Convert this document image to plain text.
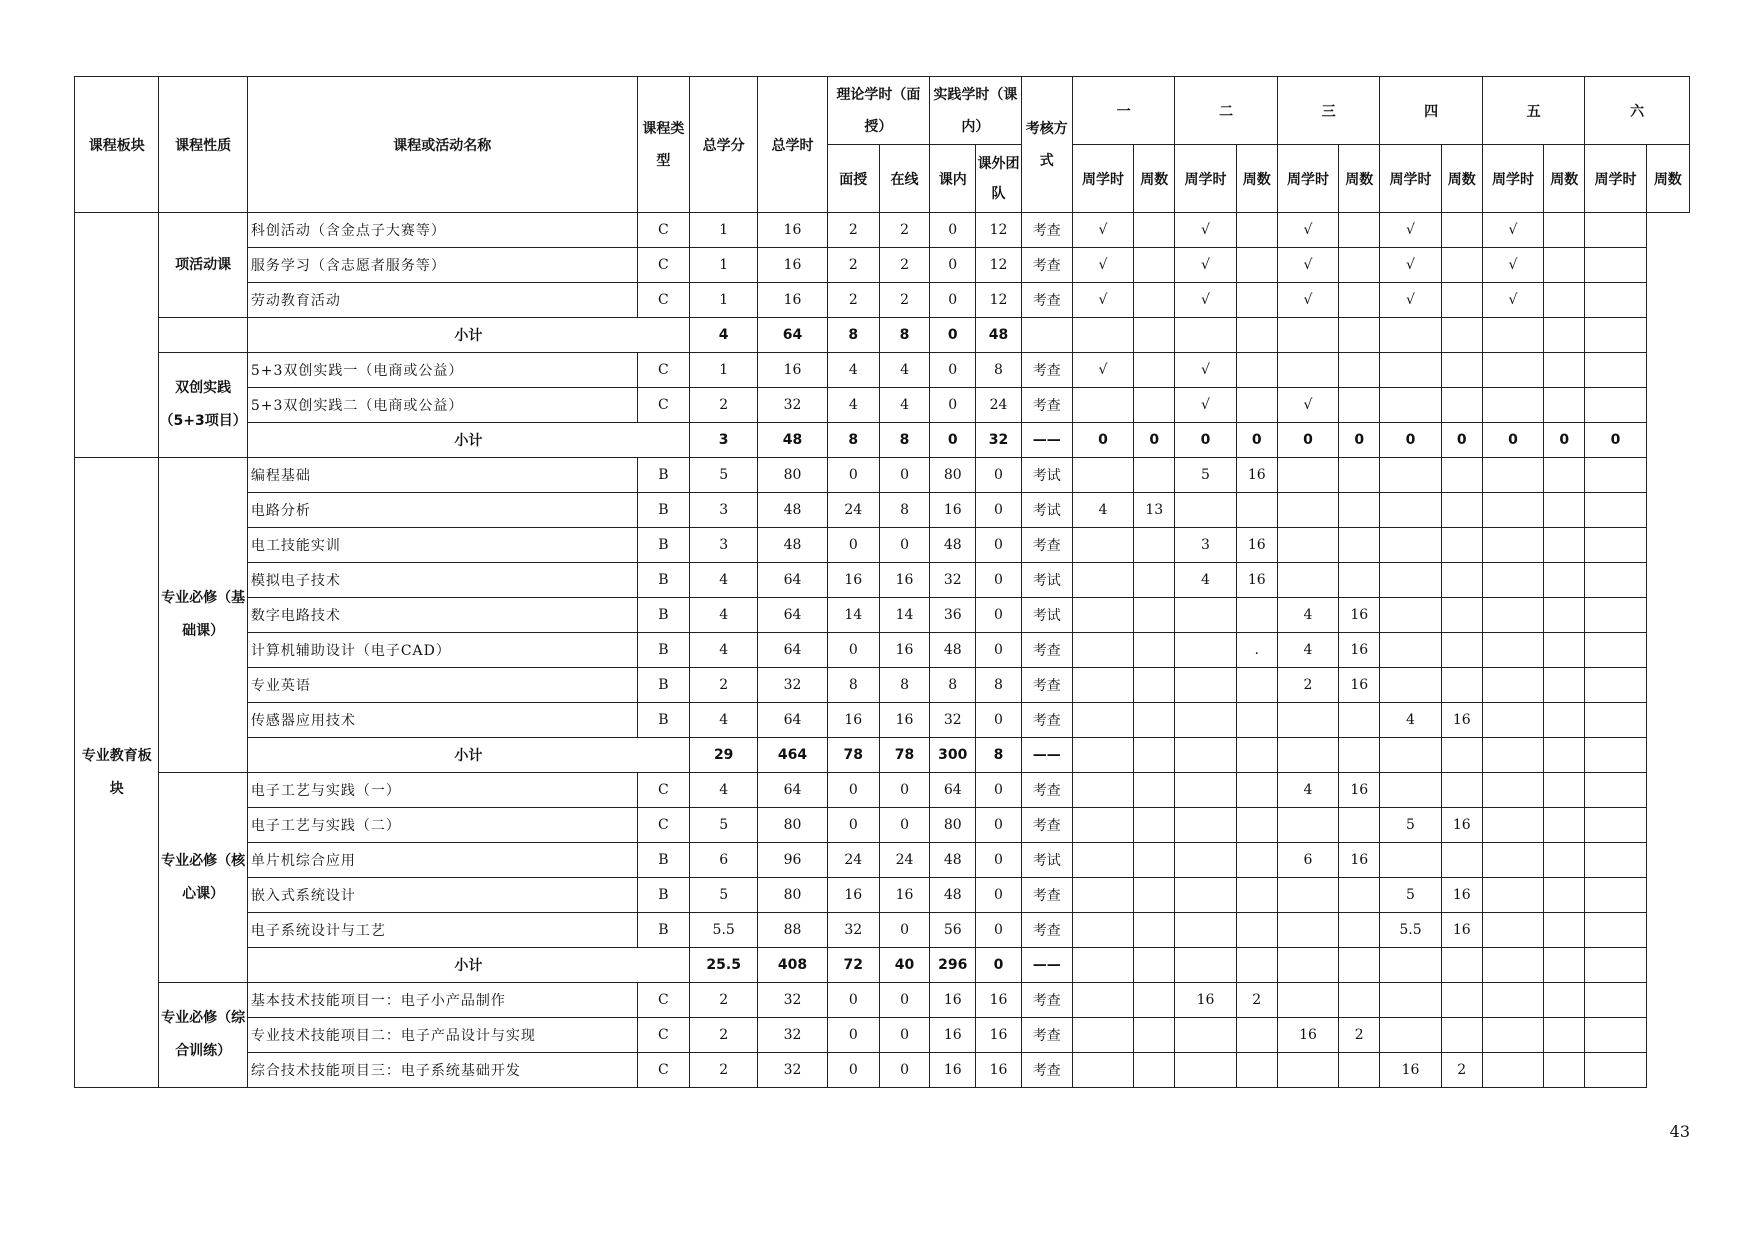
课程板块	课程性质	课程或活动名称	课程类型	总学分	总学时	理论学时（面授）		实践学时（课内）		考核方式	一		二		三		四		五		六	
						面授	在线	课内	课外团队		周学时	周数	周学时	周数	周学时	周数	周学时	周数	周学时	周数	周学时	周数
	项活动课	科创活动（含金点子大赛等）	C	1	16	2	2	0	12	考查	√		√		√		√		√			
		服务学习（含志愿者服务等）	C	1	16	2	2	0	12	考查	√		√		√		√		√			
		劳动教育活动	C	1	16	2	2	0	12	考查	√		√		√		√		√			
		小计		4	64	8	8	0	48													
	双创实践（5+3项目）	5+3双创实践一（电商或公益）	C	1	16	4	4	0	8	考查	√		√									
		5+3双创实践二（电商或公益）	C	2	32	4	4	0	24	考查			√		√							
		小计		3	48	8	8	0	32	——	0	0	0	0	0	0	0	0	0	0	0	
专业教育板块	专业必修（基础课）	编程基础	B	5	80	0	0	80	0	考试			5	16								
		电路分析	B	3	48	24	8	16	0	考试	4	13										
		电工技能实训	B	3	48	0	0	48	0	考查			3	16								
		模拟电子技术	B	4	64	16	16	32	0	考试			4	16								
		数字电路技术	B	4	64	14	14	36	0	考试					4	16						
		计算机辅助设计（电子CAD）	B	4	64	0	16	48	0	考查				.	4	16						
		专业英语	B	2	32	8	8	8	8	考查					2	16						
		传感器应用技术	B	4	64	16	16	32	0	考查							4	16				
		小计		29	464	78	78	300	8	——												
	专业必修（核心课）	电子工艺与实践（一）	C	4	64	0	0	64	0	考查					4	16						
		电子工艺与实践（二）	C	5	80	0	0	80	0	考查							5	16				
		单片机综合应用	B	6	96	24	24	48	0	考试					6	16						
		嵌入式系统设计	B	5	80	16	16	48	0	考查							5	16				
		电子系统设计与工艺	B	5.5	88	32	0	56	0	考查							5.5	16				
		小计		25.5	408	72	40	296	0	——												
	专业必修（综合训练）	基本技术技能项目一：电子小产品制作	C	2	32	0	0	16	16	考查			16	2								
		专业技术技能项目二：电子产品设计与实现	C	2	32	0	0	16	16	考查					16	2						
		综合技术技能项目三：电子系统基础开发	C	2	32	0	0	16	16	考查							16	2				
43
